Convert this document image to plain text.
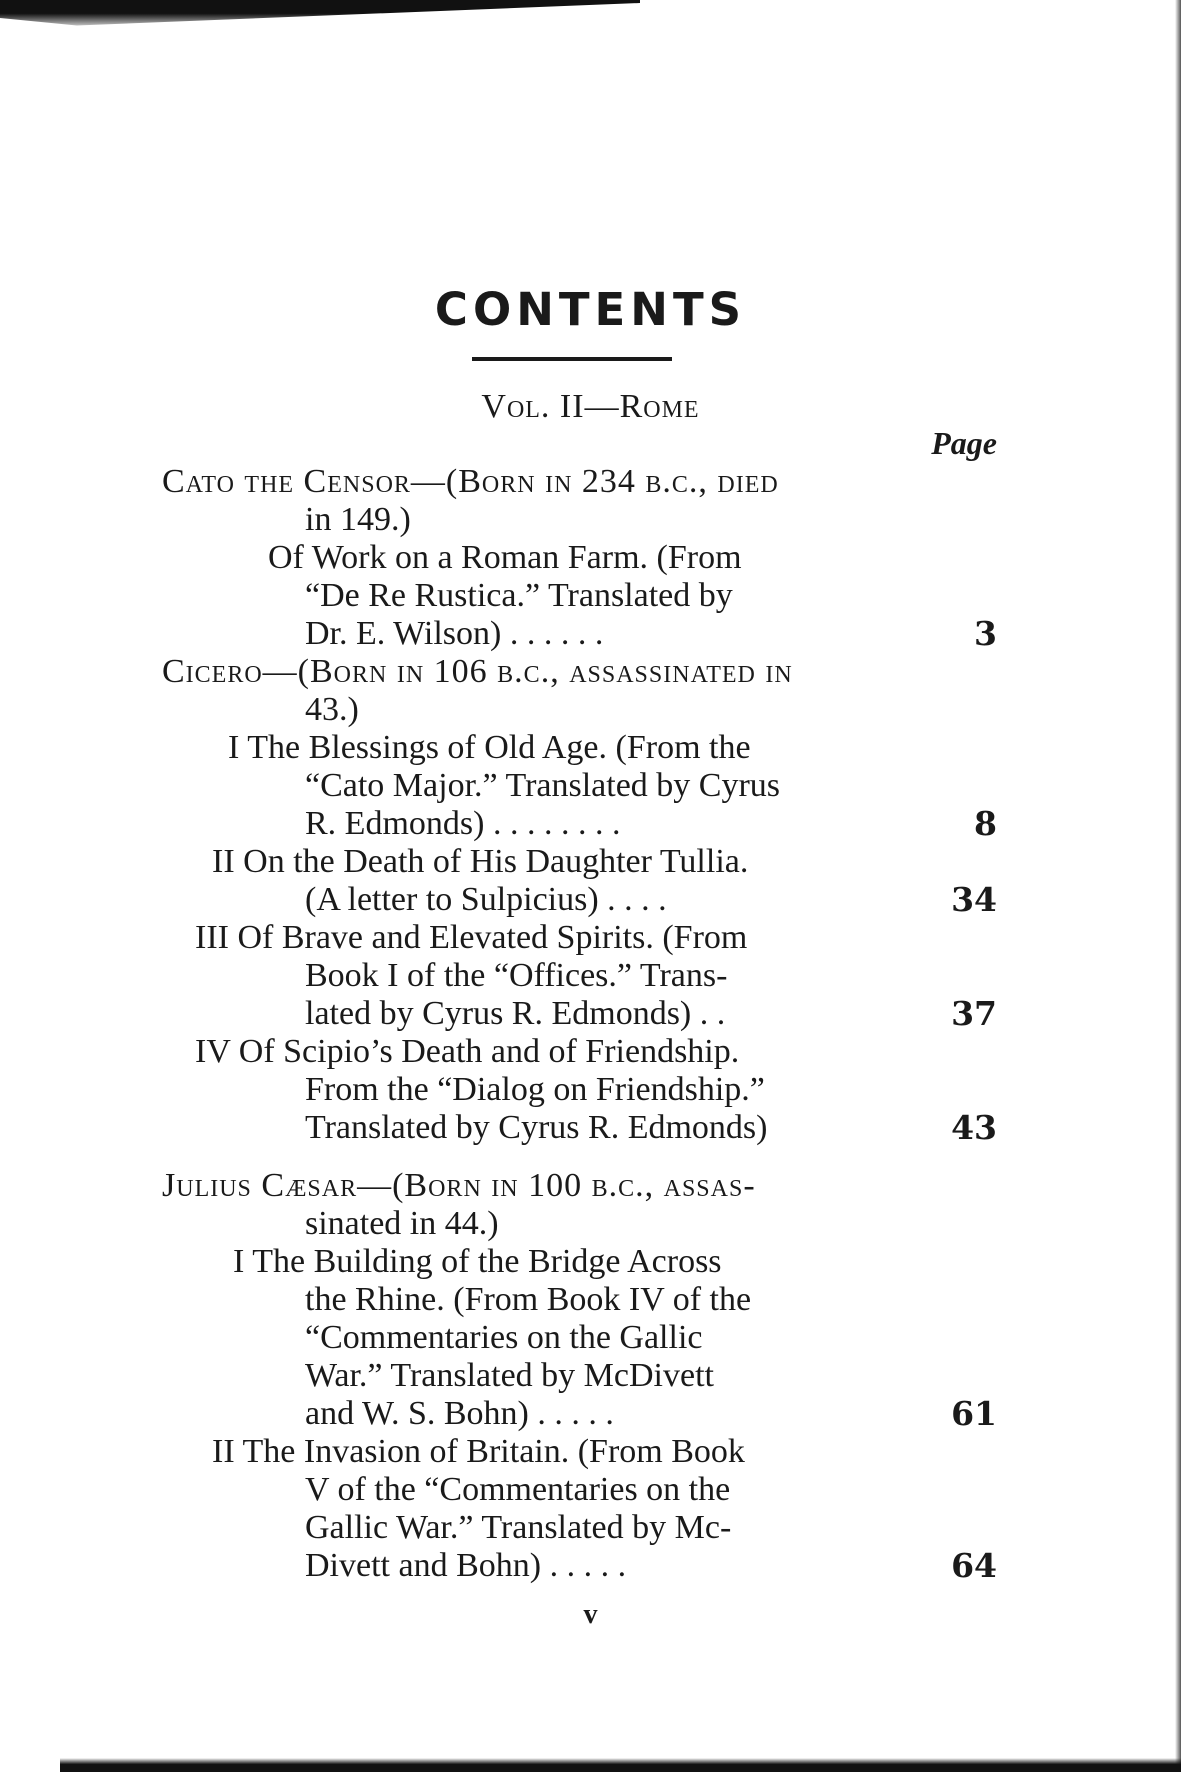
CONTENTS
Vol. II—Rome
Page
Cato the Censor—(Born in 234 b.c., died
in 149.)
Of Work on a Roman Farm. (From
“De Re Rustica.” Translated by
Dr. E. Wilson) . . . . . .	3
Cicero—(Born in 106 b.c., assassinated in
43.)
I The Blessings of Old Age. (From the
“Cato Major.” Translated by Cyrus
R. Edmonds) . . . . . . . .	8
II On the Death of His Daughter Tullia.
(A letter to Sulpicius) . . . .	34
III Of Brave and Elevated Spirits. (From
Book I of the “Offices.” Trans-
lated by Cyrus R. Edmonds) . .	37
IV Of Scipio’s Death and of Friendship.
From the “Dialog on Friendship.”
Translated by Cyrus R. Edmonds)	43
Julius Cæsar—(Born in 100 b.c., assas-
sinated in 44.)
I The Building of the Bridge Across
the Rhine. (From Book IV of the
“Commentaries on the Gallic
War.” Translated by McDivett
and W. S. Bohn) . . . . .	61
II The Invasion of Britain. (From Book
V of the “Commentaries on the
Gallic War.” Translated by Mc-
Divett and Bohn) . . . . .	64
v
